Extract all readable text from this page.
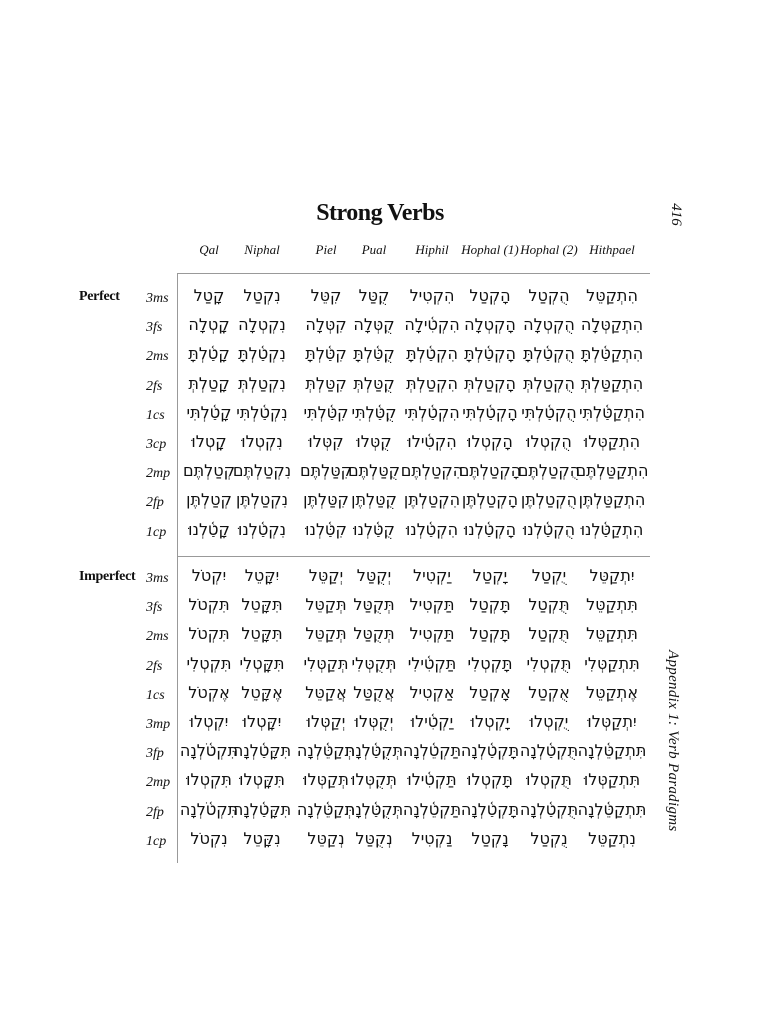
Strong Verbs	416
Appendix 1: Verb Paradigms
Qal Niphal	Piel Pual Hiphil Hophal (1) Hophal (2) Hithpael
Perfect 3ms קָטַל נִקְטַל קִטֵּל קֻטַּל הִקְטִיל הָקְטַל הֻקְטַל הִתְקַטֵּל
3fs קָֽטְלָה נִקְטְלָה קִטְּלָה קֻטְּלָה הִקְטִ֫ילָה הָקְטְלָה הֻקְטְלָה הִתְקַטְּלָה
2ms קָטַ֫לְתָּ נִקְטַ֫לְתָּ קִטַּ֫לְתָּ קֻטַּ֫לְתָּ הִקְטַ֫לְתָּ הָקְטַ֫לְתָּ הֻקְטַ֫לְתָּ הִתְקַטַּ֫לְתָּ
2fs קָטַלְתְּ נִקְטַלְתְּ קִטַּלְתְּ קֻטַּלְתְּ הִקְטַלְתְּ הָקְטַלְתְּ הֻקְטַלְתְּ הִתְקַטַּלְתְּ
1cs קָטַ֫לְתִּי נִקְטַ֫לְתִּי קִטַּ֫לְתִּי קֻטַּ֫לְתִּי הִקְטַ֫לְתִּי הָקְטַ֫לְתִּי הֻקְטַ֫לְתִּי הִתְקַטַּ֫לְתִּי
3cp קָֽטְלוּ נִקְטְלוּ קִטְּלוּ קֻטְּלוּ הִקְטִ֫ילוּ הָקְטְלוּ הֻקְטְלוּ הִתְקַטְּלוּ
2mp קְטַלְתֶּם
נִקְטַלְתֶּם קִטַּלְתֶּם
קֻטַּלְתֶּם הִקְטַלְתֶּם
הָקְטַלְתֶּם
הֻקְטַלְתֶּם
הִתְקַטַּלְתֶּם
2fp קְטַלְתֶּן נִקְטַלְתֶּן קִטַּלְתֶּן קֻטַּלְתֶּן הִקְטַלְתֶּן הָקְטַלְתֶּן הֻקְטַלְתֶּן הִתְקַטַּלְתֶּן
1cp קָטַ֫לְנוּ נִקְטַ֫לְנוּ קִטַּ֫לְנוּ קֻטַּ֫לְנוּ הִקְטַ֫לְנוּ הָקְטַ֫לְנוּ הֻקְטַ֫לְנוּ הִתְקַטַּ֫לְנוּ
Imperfect 3ms יִקְטֹל יִקָּטֵל יְקַטֵּל יְקֻטַּל יַקְטִיל יָקְטַל יֻקְטַל יִתְקַטֵּל
3fs תִּקְטֹל תִּקָּטֵל תְּקַטֵּל תְּקֻטַּל תַּקְטִיל תָּקְטַל תֻּקְטַל תִּתְקַטֵּל
2ms תִּקְטֹל תִּקָּטֵל תְּקַטֵּל תְּקֻטַּל תַּקְטִיל תָּקְטַל תֻּקְטַל תִּתְקַטֵּל
2fs תִּקְטְלִי תִּקָּֽטְלִי תְּקַטְּלִי תְּקֻטְּלִי תַּקְטִ֫ילִי תָּקְטְלִי תֻּקְטְלִי תִּתְקַטְּלִי
1cs אֶקְטֹל אֶקָּטֵל אֲקַטֵּל אֲקֻטַּל אַקְטִיל אָקְטַל אֻקְטַל אֶתְקַטֵּל
3mp יִקְטְלוּ יִקָּֽטְלוּ יְקַטְּלוּ יְקֻטְּלוּ יַקְטִ֫ילוּ יָקְטְלוּ יֻקְטְלוּ יִתְקַטְּלוּ
3fp תִּקְטֹ֫לְנָה
תִּקָּטַ֫לְנָה תְּקַטֵּ֫לְנָה
תְּקֻטַּ֫לְנָה תַּקְטֵ֫לְנָה תָּקְטַ֫לְנָה תֻּקְטַ֫לְנָה תִּתְקַטֵּ֫לְנָה
2mp תִּקְטְלוּ תִּקָּֽטְלוּ תְּקַטְּלוּ תְּקֻטְּלוּ תַּקְטִ֫ילוּ תָּקְטְלוּ תֻּקְטְלוּ תִּתְקַטְּלוּ
2fp תִּקְטֹ֫לְנָה
תִּקָּטַ֫לְנָה תְּקַטֵּ֫לְנָה
תְּקֻטַּ֫לְנָה תַּקְטֵ֫לְנָה תָּקְטַ֫לְנָה תֻּקְטַ֫לְנָה תִּתְקַטֵּ֫לְנָה
1cp נִקְטֹל נִקָּטֵל נְקַטֵּל נְקֻטַּל נַקְטִיל נָקְטַל נֻקְטַל נִתְקַטֵּל
